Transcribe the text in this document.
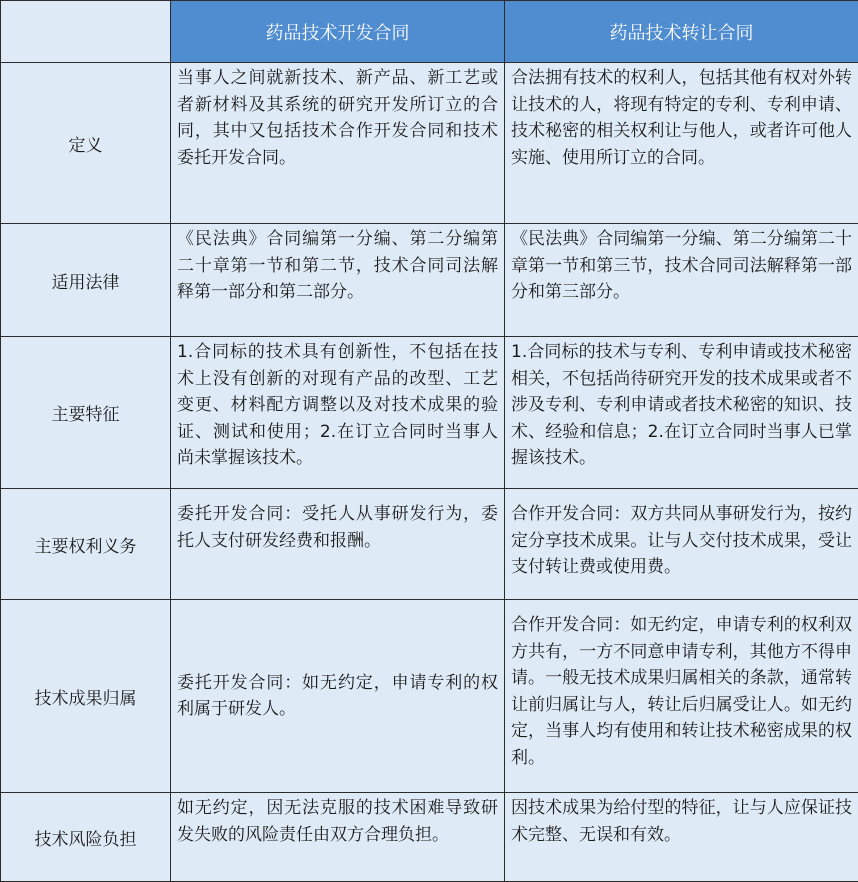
	药品技术开发合同	药品技术转让合同
定义	当事人之间就新技术、新产品、新工艺或者新材料及其系统的研究开发所订立的合同，其中又包括技术合作开发合同和技术委托开发合同。	合法拥有技术的权利人，包括其他有权对外转让技术的人，将现有特定的专利、专利申请、技术秘密的相关权利让与他人，或者许可他人实施、使用所订立的合同。
适用法律	《民法典》合同编第一分编、第二分编第二十章第一节和第二节，技术合同司法解释第一部分和第二部分。	《民法典》合同编第一分编、第二分编第二十章第一节和第三节，技术合同司法解释第一部分和第三部分。
主要特征	1.合同标的技术具有创新性，不包括在技术上没有创新的对现有产品的改型、工艺变更、材料配方调整以及对技术成果的验证、测试和使用；2.在订立合同时当事人尚未掌握该技术。	1.合同标的技术与专利、专利申请或技术秘密相关，不包括尚待研究开发的技术成果或者不涉及专利、专利申请或者技术秘密的知识、技术、经验和信息；2.在订立合同时当事人已掌握该技术。
主要权利义务	委托开发合同：受托人从事研发行为，委托人支付研发经费和报酬。	合作开发合同：双方共同从事研发行为，按约定分享技术成果。让与人交付技术成果，受让支付转让费或使用费。
技术成果归属	委托开发合同：如无约定，申请专利的权利属于研发人。	合作开发合同：如无约定，申请专利的权利双方共有，一方不同意申请专利，其他方不得申请。一般无技术成果归属相关的条款，通常转让前归属让与人，转让后归属受让人。如无约定，当事人均有使用和转让技术秘密成果的权利。
技术风险负担	如无约定，因无法克服的技术困难导致研发失败的风险责任由双方合理负担。	因技术成果为给付型的特征，让与人应保证技术完整、无误和有效。
